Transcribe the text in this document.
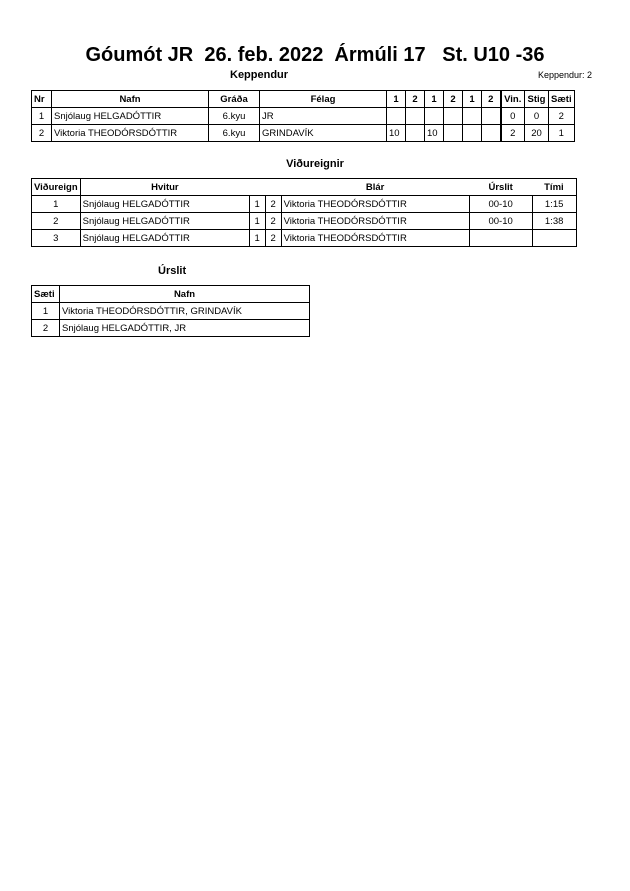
Góumót JR  26. feb. 2022  Ármúli 17   St. U10 -36
Keppendur	Keppendur: 2
Nr	Nafn	Gráða	Félag	1	2	1	2	1	2	Vin.	Stig	Sæti
1	Snjólaug HELGADÓTTIR	6.kyu	JR							0	0	2
2	Viktoria THEODÓRSDÓTTIR	6.kyu	GRINDAVÍK	10		10				2	20	1
Viðureignir
Viðureign	Hvitur			Blár	Úrslit	Tími
1	Snjólaug HELGADÓTTIR	1	2	Viktoria THEODÓRSDÓTTIR	00-10	1:15
2	Snjólaug HELGADÓTTIR	1	2	Viktoria THEODÓRSDÓTTIR	00-10	1:38
3	Snjólaug HELGADÓTTIR	1	2	Viktoria THEODÓRSDÓTTIR		
Úrslit
Sæti	Nafn
1	Viktoria THEODÓRSDÓTTIR, GRINDAVÍK
2	Snjólaug HELGADÓTTIR, JR
